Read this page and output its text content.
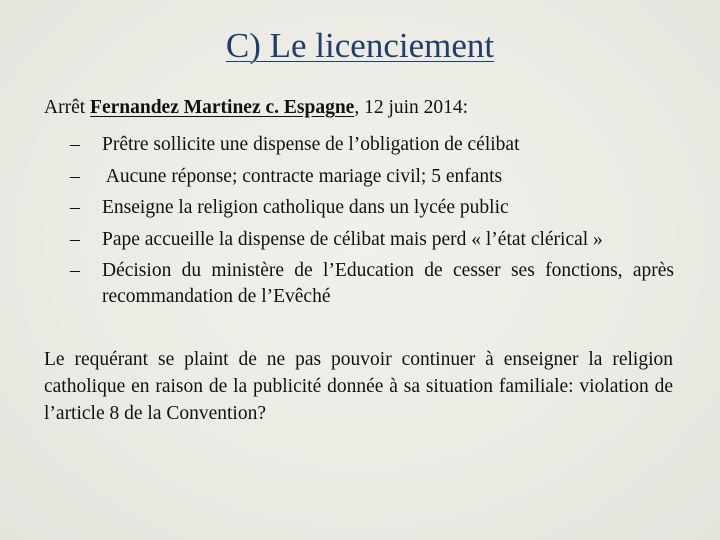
C) Le licenciement
Arrêt Fernandez Martinez c. Espagne, 12 juin 2014:
– Prêtre sollicite une dispense de l’obligation de célibat
– Aucune réponse; contracte mariage civil; 5 enfants
– Enseigne la religion catholique dans un lycée public
– Pape accueille la dispense de célibat mais perd « l’état clérical »
– Décision du ministère de l’Education de cesser ses fonctions, après recommandation de l’Evêché
Le requérant se plaint de ne pas pouvoir continuer à enseigner la religion catholique en raison de la publicité donnée à sa situation familiale: violation de l’article 8 de la Convention?
